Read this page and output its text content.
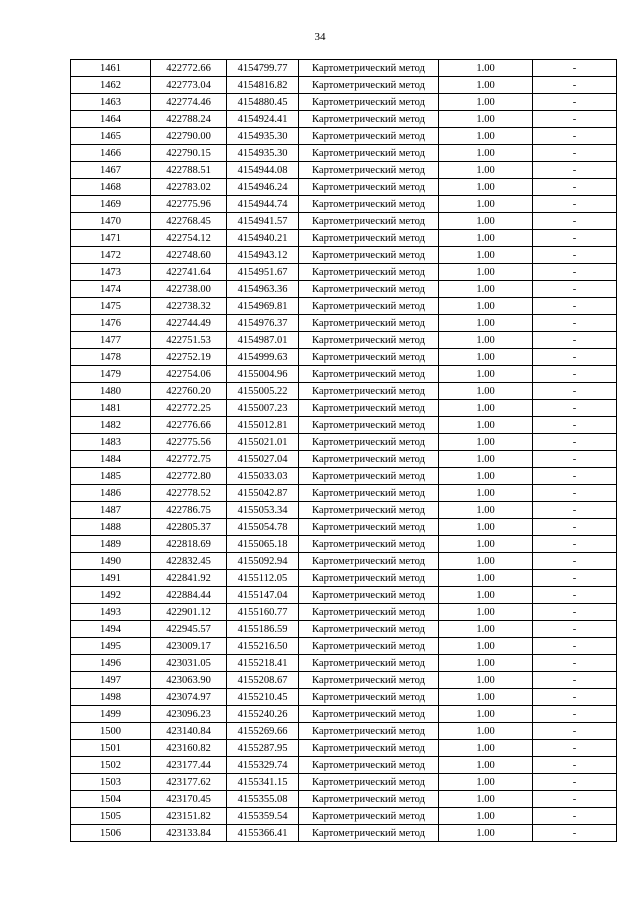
34
1461	422772.66	4154799.77	Картометрический метод	1.00	-
1462	422773.04	4154816.82	Картометрический метод	1.00	-
1463	422774.46	4154880.45	Картометрический метод	1.00	-
1464	422788.24	4154924.41	Картометрический метод	1.00	-
1465	422790.00	4154935.30	Картометрический метод	1.00	-
1466	422790.15	4154935.30	Картометрический метод	1.00	-
1467	422788.51	4154944.08	Картометрический метод	1.00	-
1468	422783.02	4154946.24	Картометрический метод	1.00	-
1469	422775.96	4154944.74	Картометрический метод	1.00	-
1470	422768.45	4154941.57	Картометрический метод	1.00	-
1471	422754.12	4154940.21	Картометрический метод	1.00	-
1472	422748.60	4154943.12	Картометрический метод	1.00	-
1473	422741.64	4154951.67	Картометрический метод	1.00	-
1474	422738.00	4154963.36	Картометрический метод	1.00	-
1475	422738.32	4154969.81	Картометрический метод	1.00	-
1476	422744.49	4154976.37	Картометрический метод	1.00	-
1477	422751.53	4154987.01	Картометрический метод	1.00	-
1478	422752.19	4154999.63	Картометрический метод	1.00	-
1479	422754.06	4155004.96	Картометрический метод	1.00	-
1480	422760.20	4155005.22	Картометрический метод	1.00	-
1481	422772.25	4155007.23	Картометрический метод	1.00	-
1482	422776.66	4155012.81	Картометрический метод	1.00	-
1483	422775.56	4155021.01	Картометрический метод	1.00	-
1484	422772.75	4155027.04	Картометрический метод	1.00	-
1485	422772.80	4155033.03	Картометрический метод	1.00	-
1486	422778.52	4155042.87	Картометрический метод	1.00	-
1487	422786.75	4155053.34	Картометрический метод	1.00	-
1488	422805.37	4155054.78	Картометрический метод	1.00	-
1489	422818.69	4155065.18	Картометрический метод	1.00	-
1490	422832.45	4155092.94	Картометрический метод	1.00	-
1491	422841.92	4155112.05	Картометрический метод	1.00	-
1492	422884.44	4155147.04	Картометрический метод	1.00	-
1493	422901.12	4155160.77	Картометрический метод	1.00	-
1494	422945.57	4155186.59	Картометрический метод	1.00	-
1495	423009.17	4155216.50	Картометрический метод	1.00	-
1496	423031.05	4155218.41	Картометрический метод	1.00	-
1497	423063.90	4155208.67	Картометрический метод	1.00	-
1498	423074.97	4155210.45	Картометрический метод	1.00	-
1499	423096.23	4155240.26	Картометрический метод	1.00	-
1500	423140.84	4155269.66	Картометрический метод	1.00	-
1501	423160.82	4155287.95	Картометрический метод	1.00	-
1502	423177.44	4155329.74	Картометрический метод	1.00	-
1503	423177.62	4155341.15	Картометрический метод	1.00	-
1504	423170.45	4155355.08	Картометрический метод	1.00	-
1505	423151.82	4155359.54	Картометрический метод	1.00	-
1506	423133.84	4155366.41	Картометрический метод	1.00	-
